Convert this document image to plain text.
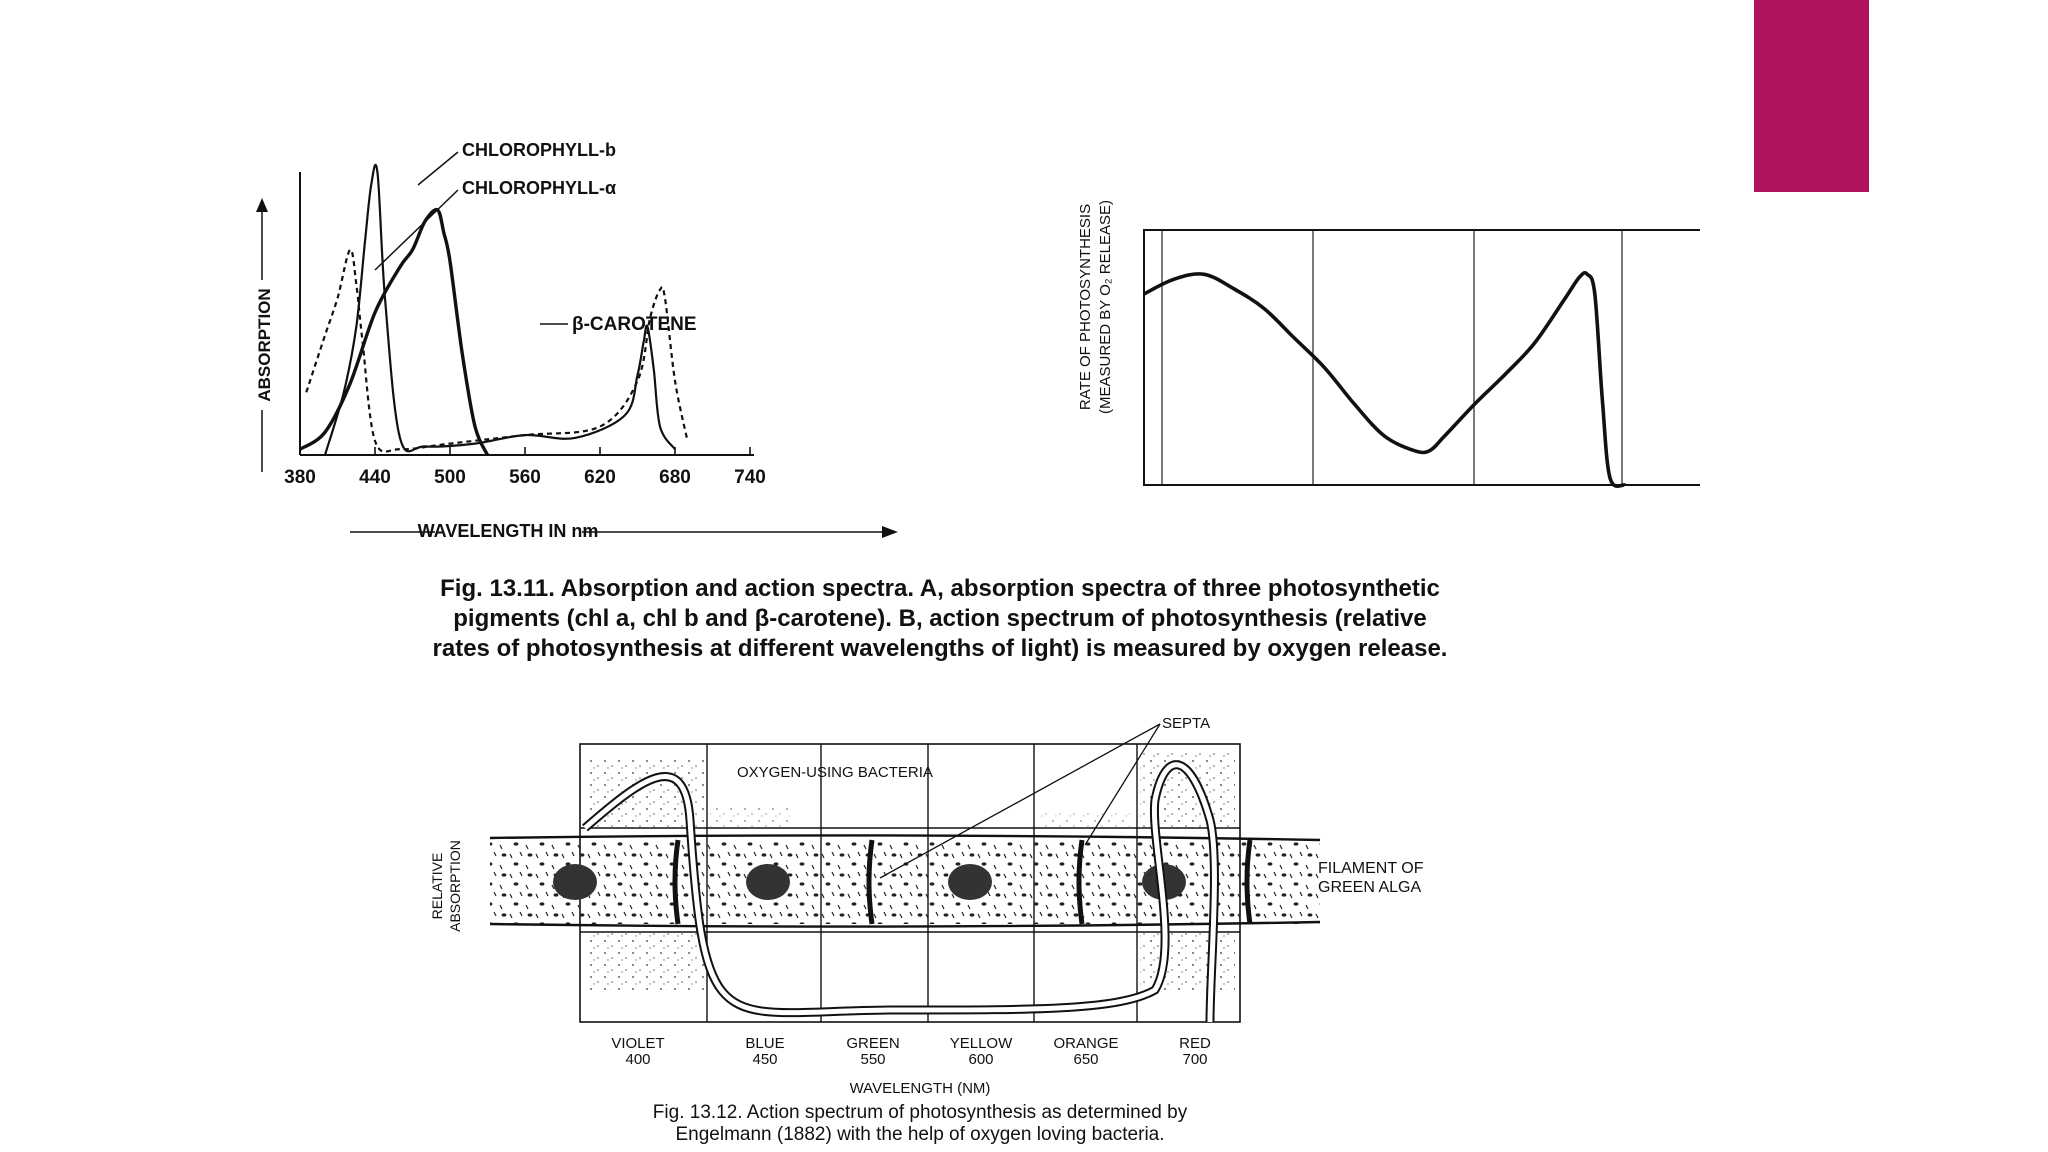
380 440 500 560 620 680 740
ABSORPTION
WAVELENGTH IN nm
CHLOROPHYLL-b
CHLOROPHYLL-α
β-CAROTENE	RATE OF PHOTOSYNTHESIS (MEASURED BY O₂ RELEASE)

Fig. 13.11. Absorption and action spectra. A, absorption spectra of three photosynthetic

pigments (chl a, chl b and β-carotene). B, action spectrum of photosynthesis (relative

rates of photosynthesis at different wavelengths of light) is measured by oxygen release.

SEPTA
OXYGEN-USING BACTERIA
FILAMENT OF
GREEN ALGA
RELATIVE ABSORPTION
VIOLET
400
BLUE
450
GREEN
550
YELLOW
600
ORANGE
650
RED
700
WAVELENGTH (NM)

Fig. 13.12. Action spectrum of photosynthesis as determined by

Engelmann (1882) with the help of oxygen loving bacteria.
